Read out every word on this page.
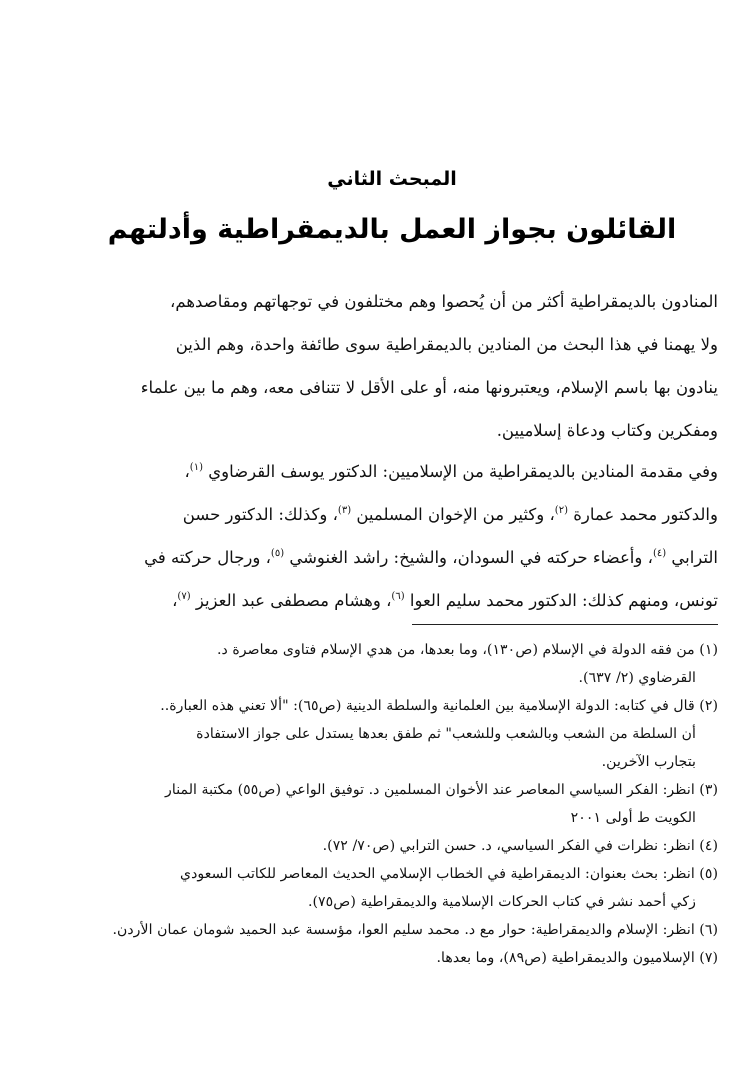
المبحث الثاني
القائلون بجواز العمل بالديمقراطية وأدلتهم
المنادون بالديمقراطية أكثر من أن يُحصوا وهم مختلفون في توجهاتهم ومقاصدهم،
ولا يهمنا في هذا البحث من المنادين بالديمقراطية سوى طائفة واحدة، وهم الذين
ينادون بها باسم الإسلام، ويعتبرونها منه، أو على الأقل لا تتنافى معه، وهم ما بين علماء
ومفكرين وكتاب ودعاة إسلاميين.
وفي مقدمة المنادين بالديمقراطية من الإسلاميين: الدكتور يوسف القرضاوي $^{(١)}$،
والدكتور محمد عمارة $^{(٢)}$، وكثير من الإخوان المسلمين $^{(٣)}$، وكذلك: الدكتور حسن
الترابي $^{(٤)}$، وأعضاء حركته في السودان، والشيخ: راشد الغنوشي $^{(٥)}$، ورجال حركته في
تونس، ومنهم كذلك: الدكتور محمد سليم العوا $^{(٦)}$، وهشام مصطفى عبد العزيز $^{(٧)}$،
(١) من فقه الدولة في الإسلام (ص١٣٠)، وما بعدها، من هدي الإسلام فتاوى معاصرة د.
القرضاوي (٢/ ٦٣٧).
(٢) قال في كتابه: الدولة الإسلامية بين العلمانية والسلطة الدينية (ص٦٥): "ألا تعني هذه العبارة..
أن السلطة من الشعب وبالشعب وللشعب" ثم طفق بعدها يستدل على جواز الاستفادة
بتجارب الآخرين.
(٣) انظر: الفكر السياسي المعاصر عند الأخوان المسلمين د. توفيق الواعي (ص٥٥) مكتبة المنار
الكويت ط أولى ٢٠٠١
(٤) انظر: نظرات في الفكر السياسي، د. حسن الترابي (ص٧٠/ ٧٢).
(٥) انظر: بحث بعنوان: الديمقراطية في الخطاب الإسلامي الحديث المعاصر للكاتب السعودي
زكي أحمد نشر في كتاب الحركات الإسلامية والديمقراطية (ص٧٥).
(٦) انظر: الإسلام والديمقراطية: حوار مع د. محمد سليم العوا، مؤسسة عبد الحميد شومان عمان الأردن.
(٧) الإسلاميون والديمقراطية (ص٨٩)، وما بعدها.
